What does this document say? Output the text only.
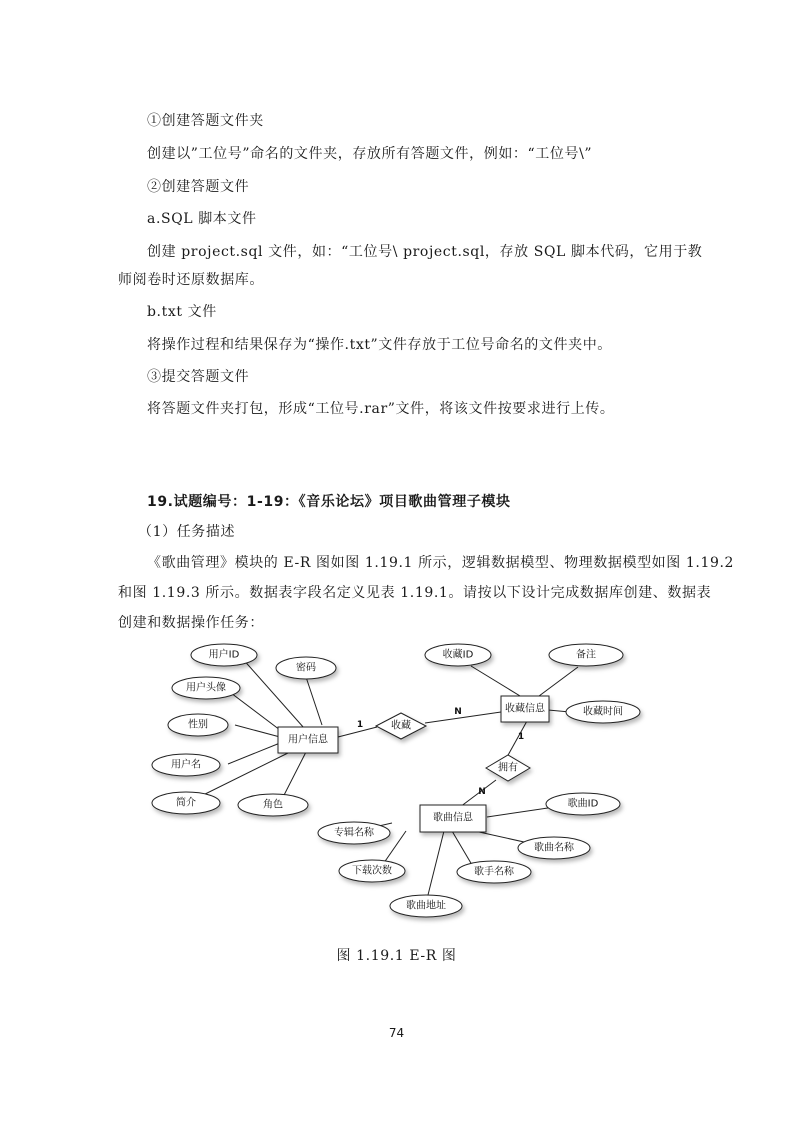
①创建答题文件夹
创建以”工位号”命名的文件夹，存放所有答题文件，例如：“工位号\”
②创建答题文件
a.SQL 脚本文件
创建 project.sql 文件，如：“工位号\ project.sql，存放 SQL 脚本代码，它用于教
师阅卷时还原数据库。
b.txt 文件
将操作过程和结果保存为“操作.txt”文件存放于工位号命名的文件夹中。
③提交答题文件
将答题文件夹打包，形成“工位号.rar”文件，将该文件按要求进行上传。
19.试题编号：1-19：《音乐论坛》项目歌曲管理子模块
（1）任务描述
《歌曲管理》模块的 E-R 图如图 1.19.1 所示，逻辑数据模型、物理数据模型如图 1.19.2
和图 1.19.3 所示。数据表字段名定义见表 1.19.1。请按以下设计完成数据库创建、数据表
创建和数据操作任务：
用户ID
密码
用户头像
性别
用户名
简介	角色
收藏ID	备注
收藏时间
歌曲ID
专辑名称
歌曲名称
下载次数	歌手名称
歌曲地址
用户信息
收藏信息
歌曲信息
收藏
拥有
1
N
1
N
图 1.19.1 E-R 图
74
